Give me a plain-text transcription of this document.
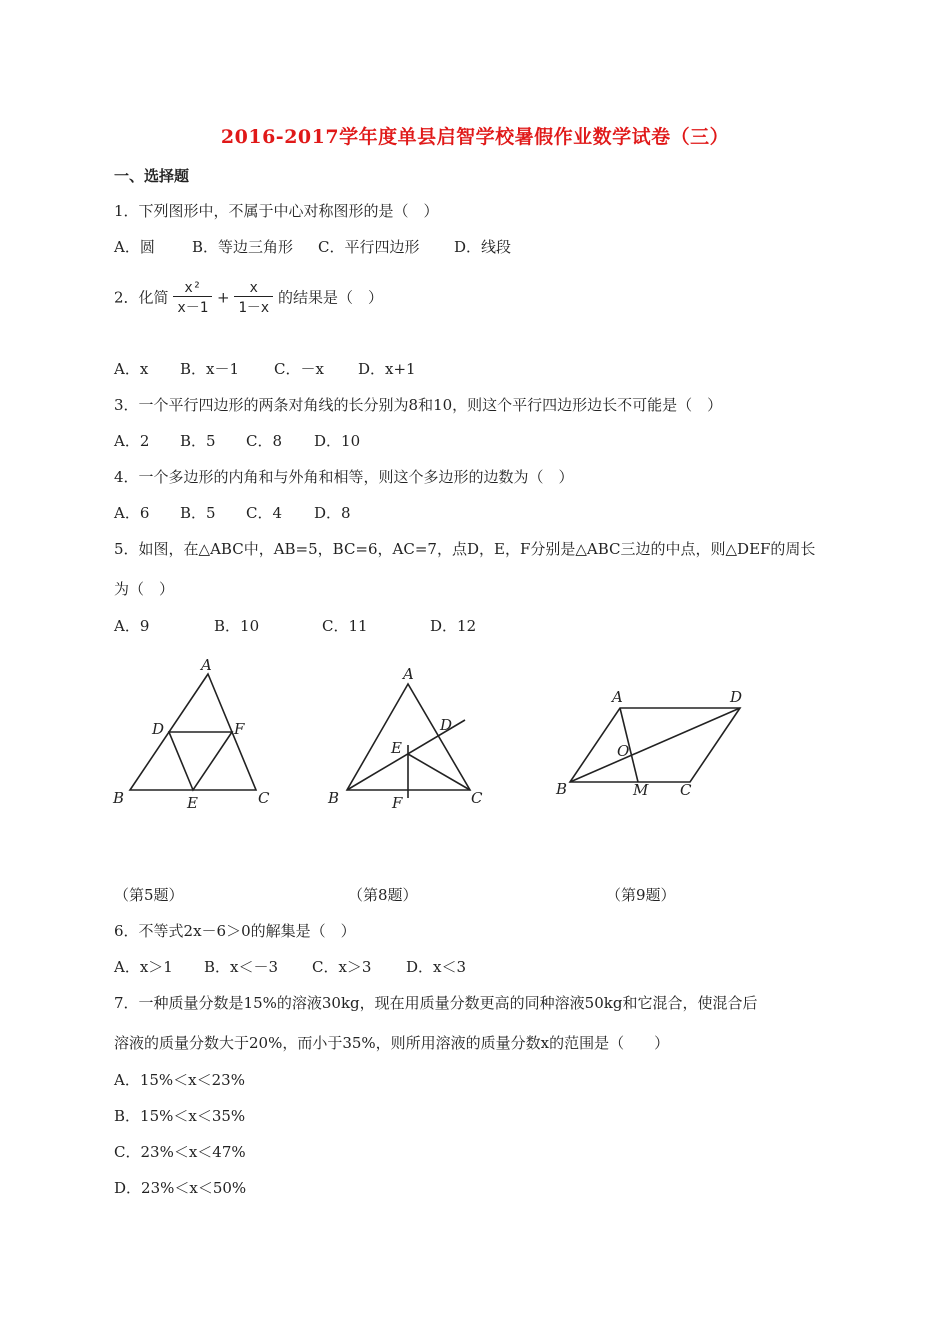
2016-2017学年度单县启智学校暑假作业数学试卷（三）
一、选择题
1．下列图形中，不属于中心对称图形的是（　）
A．圆 B．等边三角形 C．平行四边形 D．线段
2．化简 $\frac{\text{x²}}{x-1} + \frac{x}{1-x}$ 的结果是（　）
A．x B．x－1 C．－x D．x+1
3．一个平行四边形的两条对角线的长分别为8和10，则这个平行四边形边长不可能是（　）
A．2 B．5 C．8 D．10
4．一个多边形的内角和与外角和相等，则这个多边形的边数为（　）
A．6 B．5 C．4 D．8
5．如图，在△ABC中，AB=5，BC=6，AC=7，点D，E，F分别是△ABC三边的中点，则△DEF的周长
为（　）
A．9	B．10	C．11	D．12
A
D	F
B	E	C
A
D
E
B	F	C
A	D
O
B	M C
（第5题）	（第8题）	（第9题）
6．不等式2x－6＞0的解集是（　）
A．x＞1 B．x＜－3 C．x＞3 D．x＜3
7．一种质量分数是15%的溶液30kg，现在用质量分数更高的同种溶液50kg和它混合，使混合后
溶液的质量分数大于20%，而小于35%，则所用溶液的质量分数x的范围是（　　）
A．15%＜x＜23%
B．15%＜x＜35%
C．23%＜x＜47%
D．23%＜x＜50%
